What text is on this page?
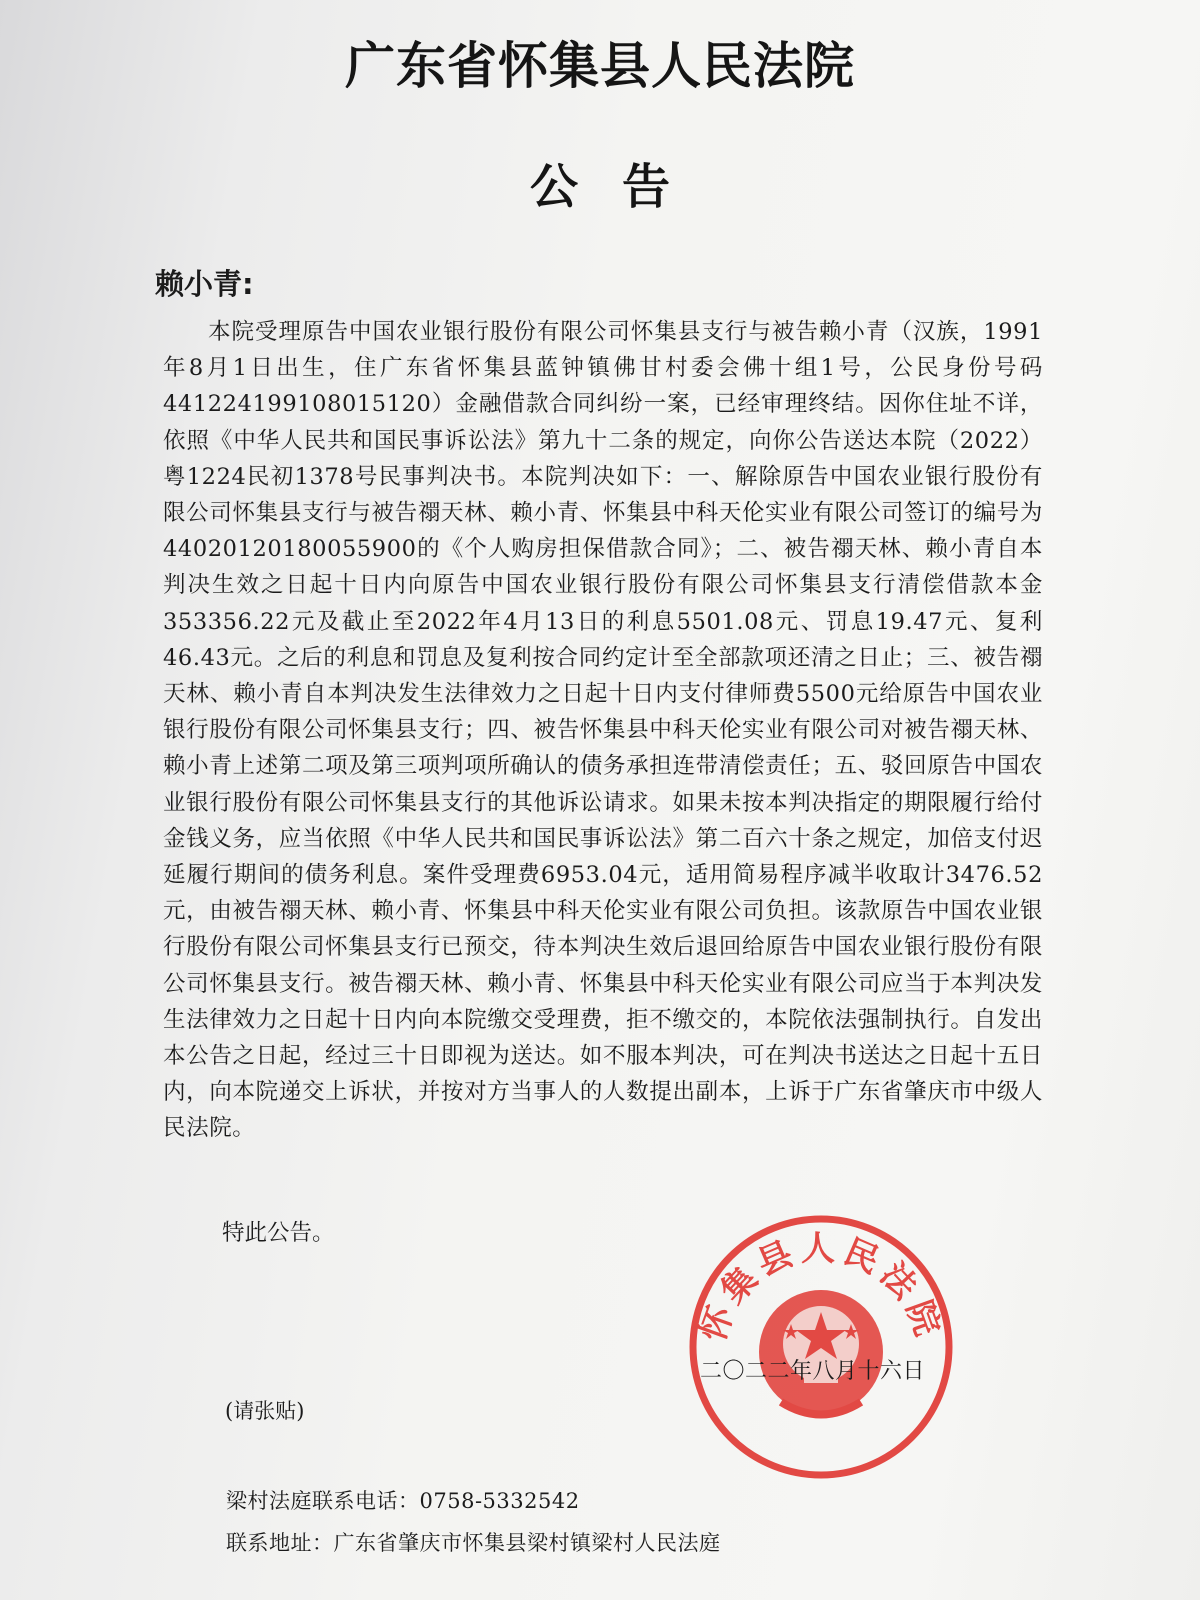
广东省怀集县人民法院
公告
赖小青:
本院受理原告中国农业银行股份有限公司怀集县支行与被告赖小青（汉族，1991年8月1日出生，住广东省怀集县蓝钟镇佛甘村委会佛十组1号，公民身份号码441224199108015120）金融借款合同纠纷一案，已经审理终结。因你住址不详，依照《中华人民共和国民事诉讼法》第九十二条的规定，向你公告送达本院（2022）粤1224民初1378号民事判决书。本院判决如下：一、解除原告中国农业银行股份有限公司怀集县支行与被告禤天林、赖小青、怀集县中科天伦实业有限公司签订的编号为44020120180055900的《个人购房担保借款合同》；二、被告禤天林、赖小青自本判决生效之日起十日内向原告中国农业银行股份有限公司怀集县支行清偿借款本金353356.22元及截止至2022年4月13日的利息5501.08元、罚息19.47元、复利46.43元。之后的利息和罚息及复利按合同约定计至全部款项还清之日止；三、被告禤天林、赖小青自本判决发生法律效力之日起十日内支付律师费5500元给原告中国农业银行股份有限公司怀集县支行；四、被告怀集县中科天伦实业有限公司对被告禤天林、赖小青上述第二项及第三项判项所确认的债务承担连带清偿责任；五、驳回原告中国农业银行股份有限公司怀集县支行的其他诉讼请求。如果未按本判决指定的期限履行给付金钱义务，应当依照《中华人民共和国民事诉讼法》第二百六十条之规定，加倍支付迟延履行期间的债务利息。案件受理费6953.04元，适用简易程序减半收取计3476.52元，由被告禤天林、赖小青、怀集县中科天伦实业有限公司负担。该款原告中国农业银行股份有限公司怀集县支行已预交，待本判决生效后退回给原告中国农业银行股份有限公司怀集县支行。被告禤天林、赖小青、怀集县中科天伦实业有限公司应当于本判决发生法律效力之日起十日内向本院缴交受理费，拒不缴交的，本院依法强制执行。自发出本公告之日起，经过三十日即视为送达。如不服本判决，可在判决书送达之日起十五日内，向本院递交上诉状，并按对方当事人的人数提出副本，上诉于广东省肇庆市中级人民法院。
特此公告。
怀集县人民法院
二〇二二年八月十六日
(请张贴)
梁村法庭联系电话：0758-5332542
联系地址：广东省肇庆市怀集县梁村镇梁村人民法庭
